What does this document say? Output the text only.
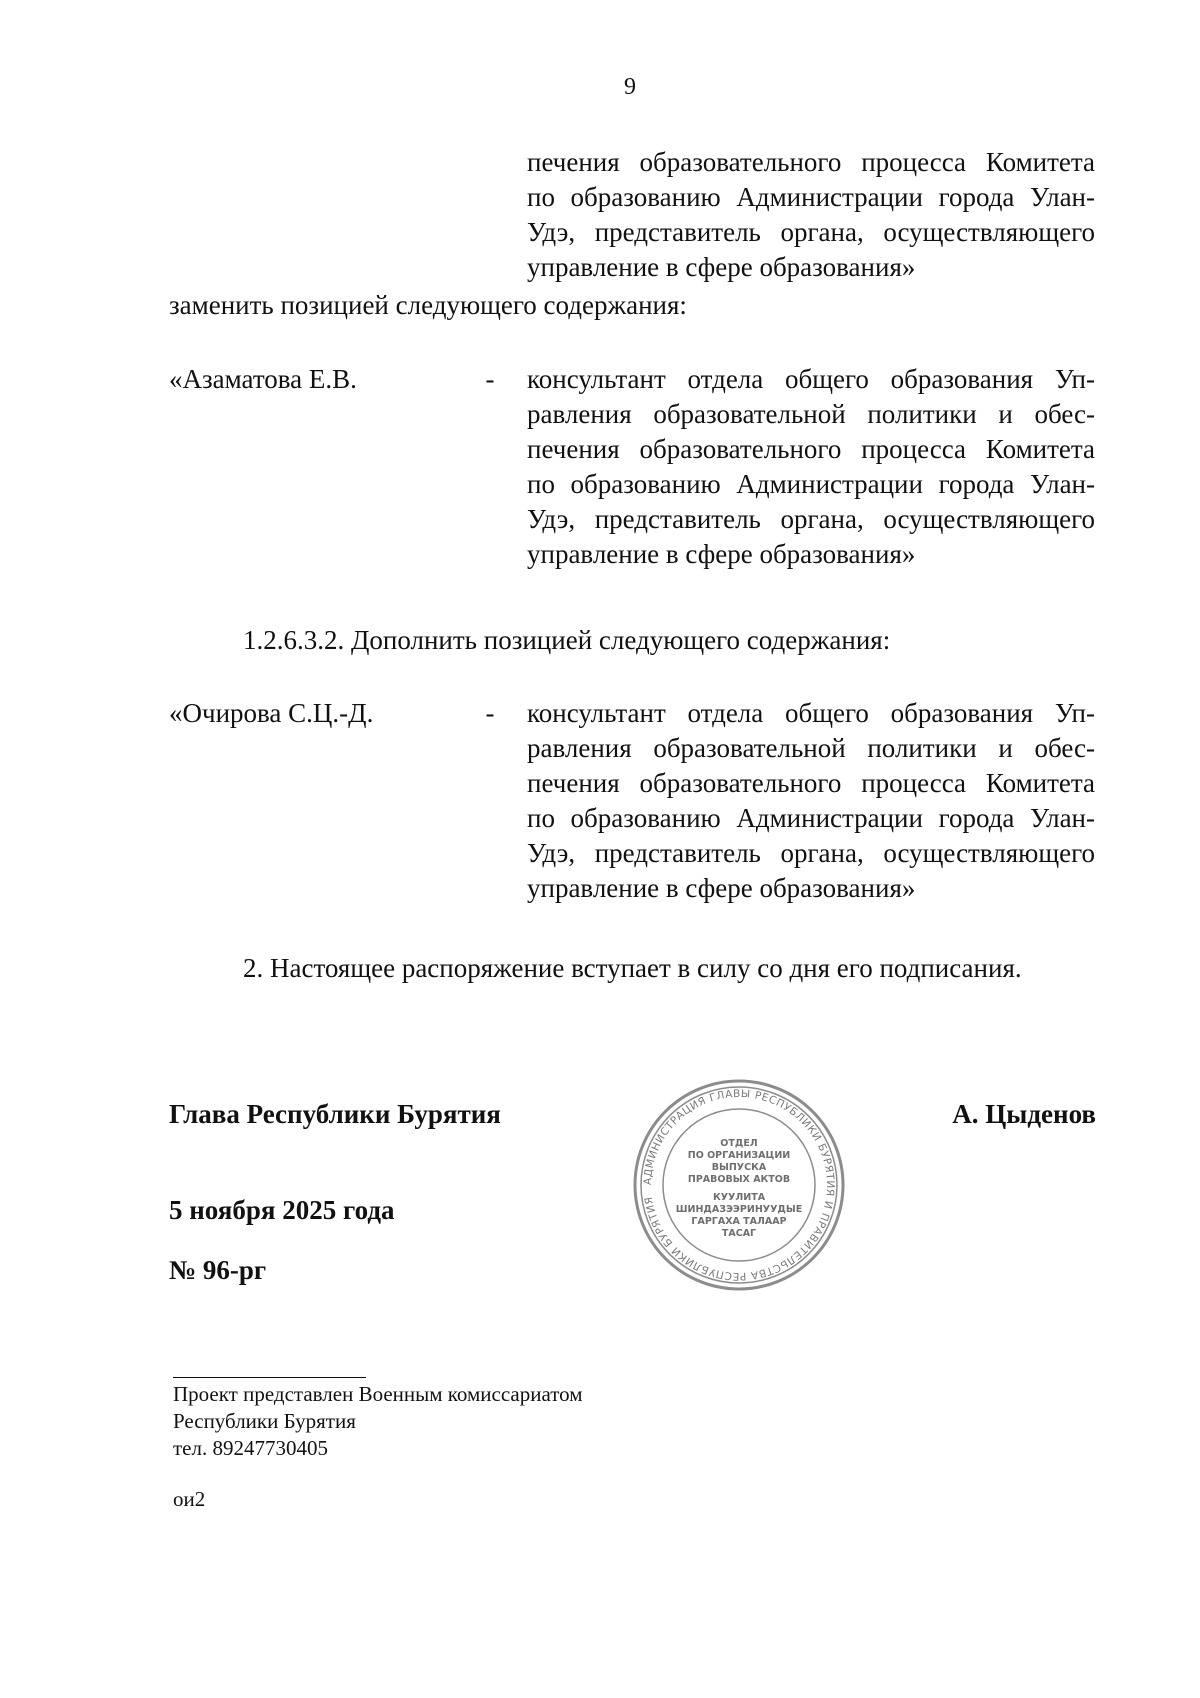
9
печения образовательного процесса Комитета
по образованию Администрации города Улан-
Удэ, представитель органа, осуществляющего
управление в сфере образования»
заменить позицией следующего содержания:
«Азаматова Е.В.	- консультант отдела общего образования Уп-
равления образовательной политики и обес-
печения образовательного процесса Комитета
по образованию Администрации города Улан-
Удэ, представитель органа, осуществляющего
управление в сфере образования»
1.2.6.3.2. Дополнить позицией следующего содержания:
«Очирова С.Ц.-Д.	- консультант отдела общего образования Уп-
равления образовательной политики и обес-
печения образовательного процесса Комитета
по образованию Администрации города Улан-
Удэ, представитель органа, осуществляющего
управление в сфере образования»
2. Настоящее распоряжение вступает в силу со дня его подписания.
Глава Республики Бурятия	А. Цыденов
5 ноября 2025 года
№ 96-рг
АДМИНИСТРАЦИЯ ГЛАВЫ РЕСПУБЛИКИ БУРЯТИЯ И ПРАВИТЕЛЬСТВА РЕСПУБЛИКИ БУРЯТИЯ
ОТДЕЛ
ПО ОРГАНИЗАЦИИ
ВЫПУСКА
ПРАВОВЫХ АКТОВ
КУУЛИТА
ШИНДАЗЭЭРИНУУДЫЕ
ГАРГАХА ТАЛААР
ТАСАГ
Проект представлен Военным комиссариатом
Республики Бурятия
тел. 89247730405
ои2
